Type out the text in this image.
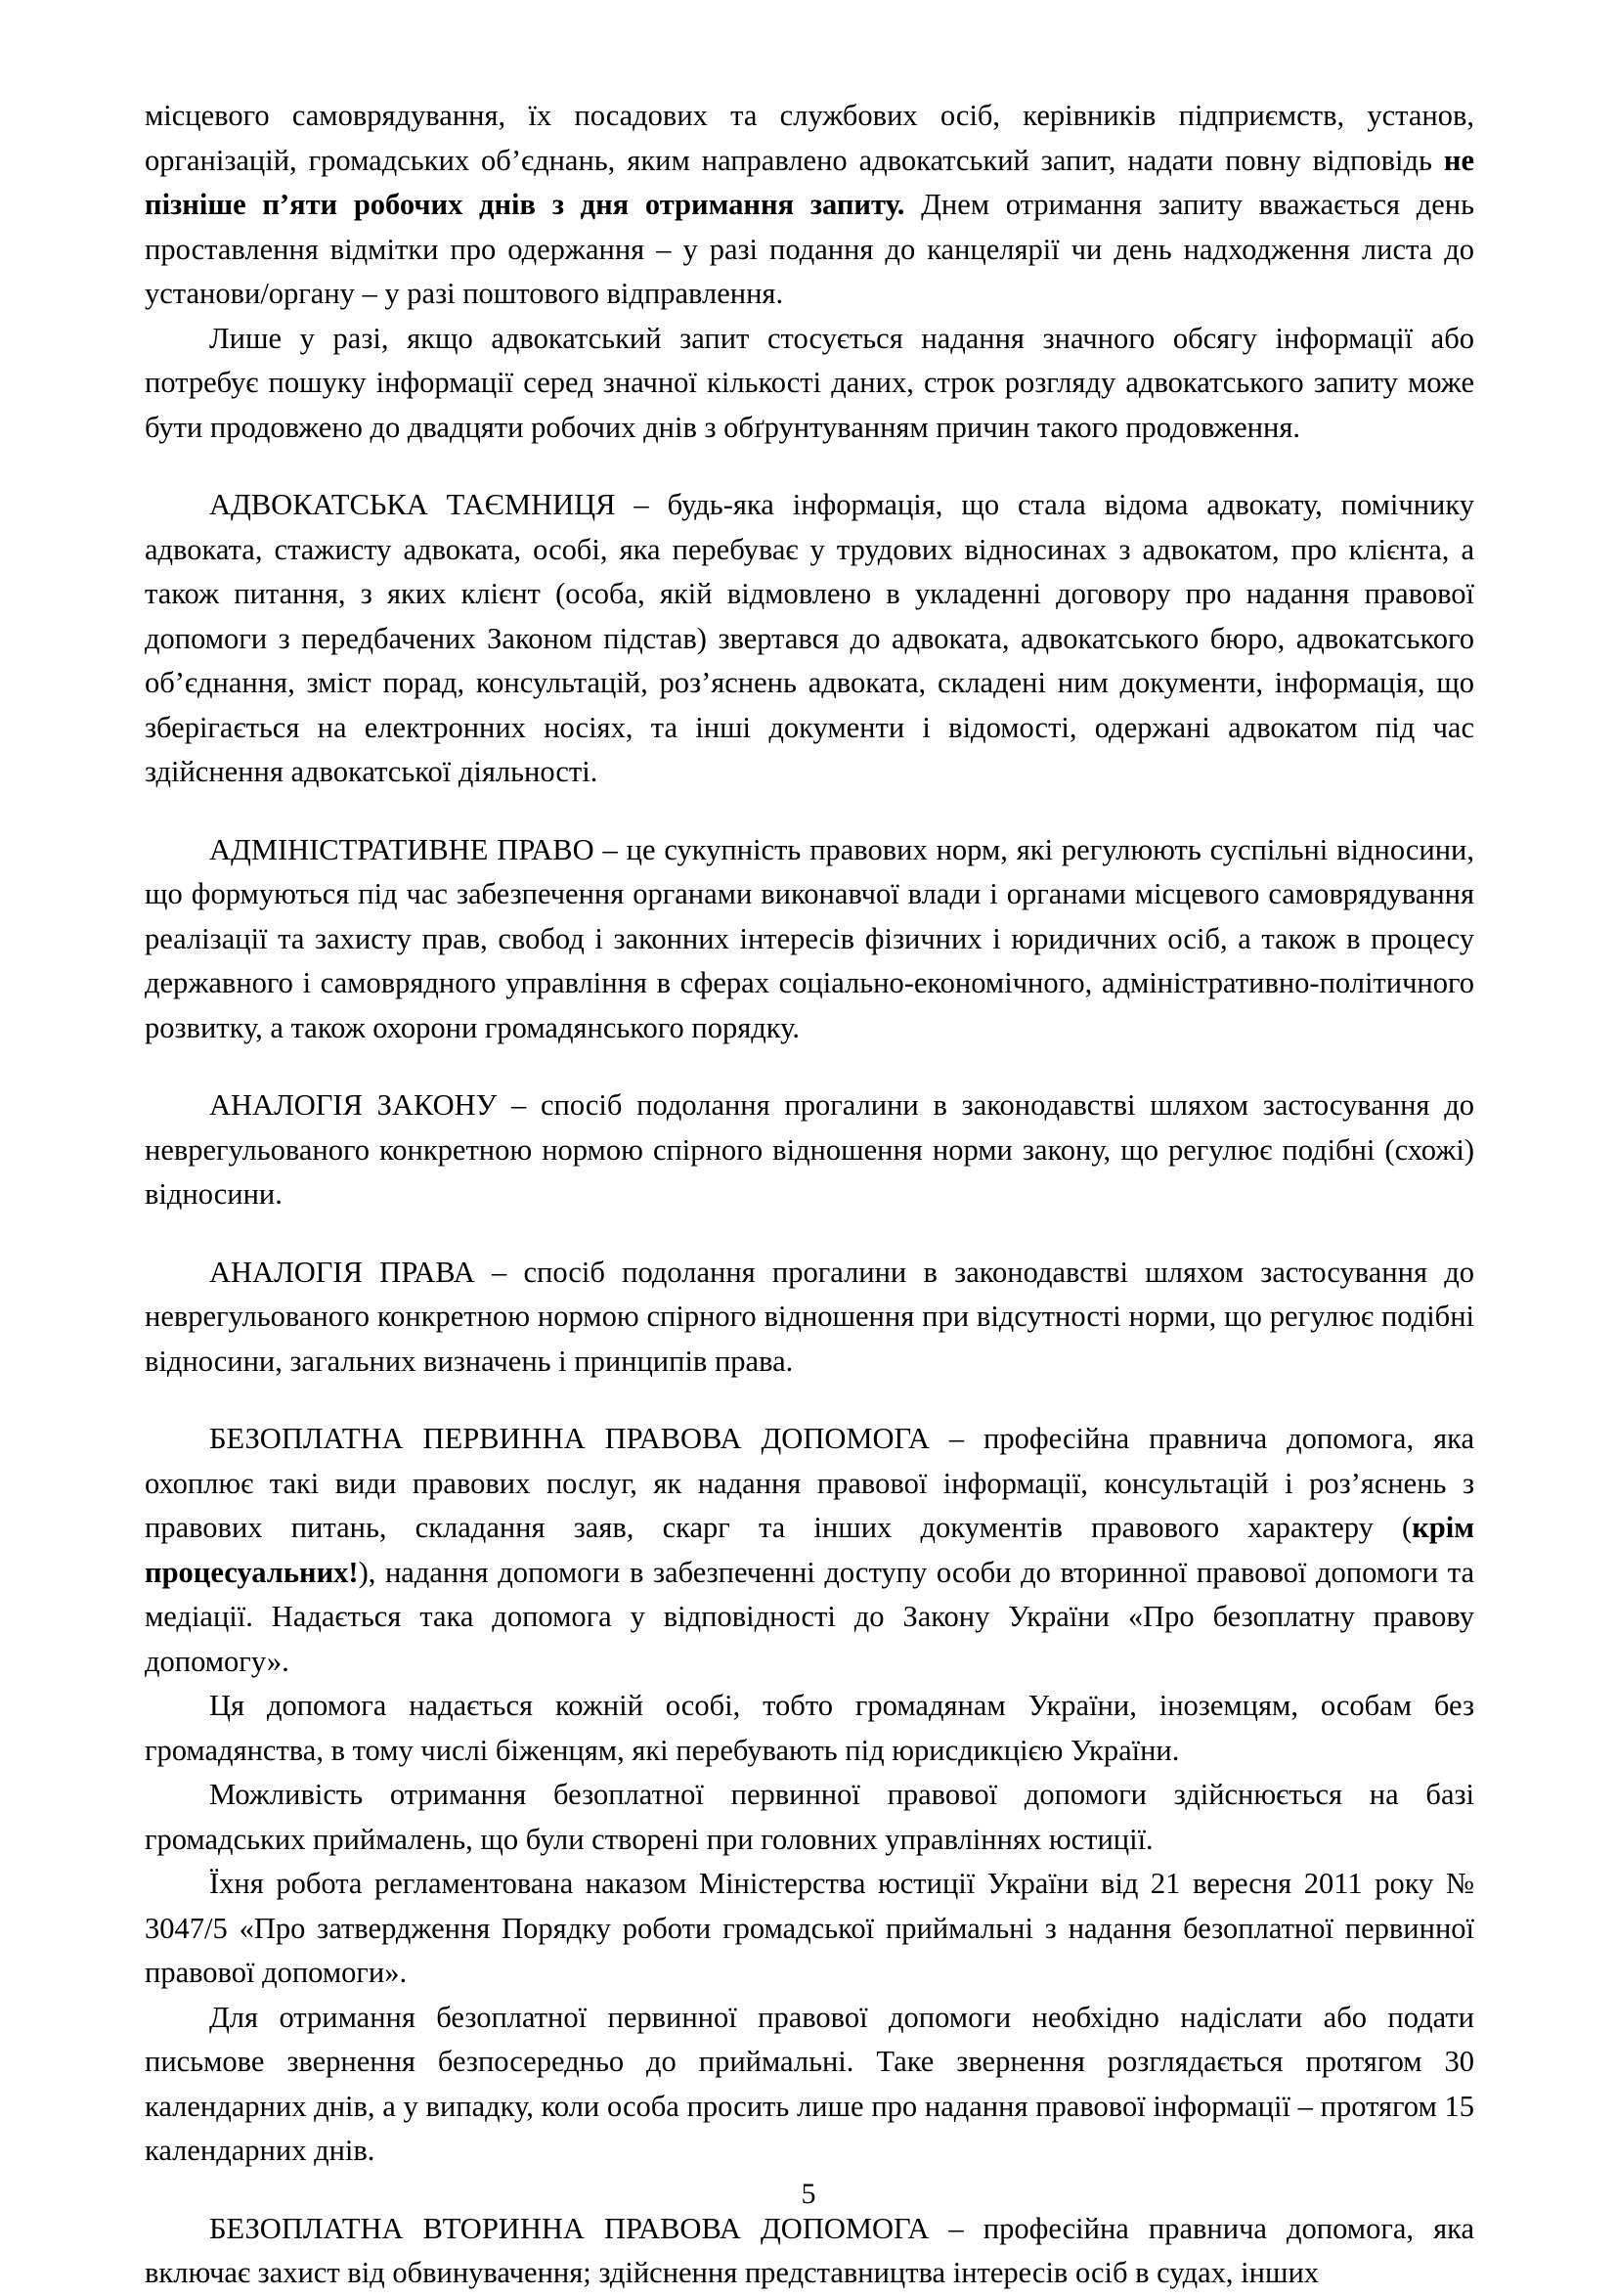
місцевого самоврядування, їх посадових та службових осіб, керівників підприємств, установ, організацій, громадських об’єднань, яким направлено адвокатський запит, надати повну відповідь не пізніше п’яти робочих днів з дня отримання запиту. Днем отримання запиту вважається день проставлення відмітки про одержання – у разі подання до канцелярії чи день надходження листа до установи/органу – у разі поштового відправлення.

Лише у разі, якщо адвокатський запит стосується надання значного обсягу інформації або потребує пошуку інформації серед значної кількості даних, строк розгляду адвокатського запиту може бути продовжено до двадцяти робочих днів з обґрунтуванням причин такого продовження.

АДВОКАТСЬКА ТАЄМНИЦЯ – будь-яка інформація, що стала відома адвокату, помічнику адвоката, стажисту адвоката, особі, яка перебуває у трудових відносинах з адвокатом, про клієнта, а також питання, з яких клієнт (особа, якій відмовлено в укладенні договору про надання правової допомоги з передбачених Законом підстав) звертався до адвоката, адвокатського бюро, адвокатського об’єднання, зміст порад, консультацій, роз’яснень адвоката, складені ним документи, інформація, що зберігається на електронних носіях, та інші документи і відомості, одержані адвокатом під час здійснення адвокатської діяльності.

АДМІНІСТРАТИВНЕ ПРАВО – це сукупність правових норм, які регулюють суспільні відносини, що формуються під час забезпечення органами виконавчої влади і органами місцевого самоврядування реалізації та захисту прав, свобод і законних інтересів фізичних і юридичних осіб, а також в процесу державного і самоврядного управління в сферах соціально-економічного, адміністративно-політичного розвитку, а також охорони громадянського порядку.

АНАЛОГІЯ ЗАКОНУ – спосіб подолання прогалини в законодавстві шляхом застосування до неврегульованого конкретною нормою спірного відношення норми закону, що регулює подібні (схожі) відносини.

АНАЛОГІЯ ПРАВА – спосіб подолання прогалини в законодавстві шляхом застосування до неврегульованого конкретною нормою спірного відношення при відсутності норми, що регулює подібні відносини, загальних визначень і принципів права.

БЕЗОПЛАТНА ПЕРВИННА ПРАВОВА ДОПОМОГА – професійна правнича допомога, яка охоплює такі види правових послуг, як надання правової інформації, консультацій і роз’яснень з правових питань, складання заяв, скарг та інших документів правового характеру (крім процесуальних!), надання допомоги в забезпеченні доступу особи до вторинної правової допомоги та медіації. Надається така допомога у відповідності до Закону України «Про безоплатну правову допомогу».

Ця допомога надається кожній особі, тобто громадянам України, іноземцям, особам без громадянства, в тому числі біженцям, які перебувають під юрисдикцією України.

Можливість отримання безоплатної первинної правової допомоги здійснюється на базі громадських приймалень, що були створені при головних управліннях юстиції.

Їхня робота регламентована наказом Міністерства юстиції України від 21 вересня 2011 року № 3047/5 «Про затвердження Порядку роботи громадської приймальні з надання безоплатної первинної правової допомоги».

Для отримання безоплатної первинної правової допомоги необхідно надіслати або подати письмове звернення безпосередньо до приймальні. Таке звернення розглядається протягом 30 календарних днів, а у випадку, коли особа просить лише про надання правової інформації – протягом 15 календарних днів.

БЕЗОПЛАТНА ВТОРИННА ПРАВОВА ДОПОМОГА – професійна правнича допомога, яка включає захист від обвинувачення; здійснення представництва інтересів осіб в судах, інших

5
